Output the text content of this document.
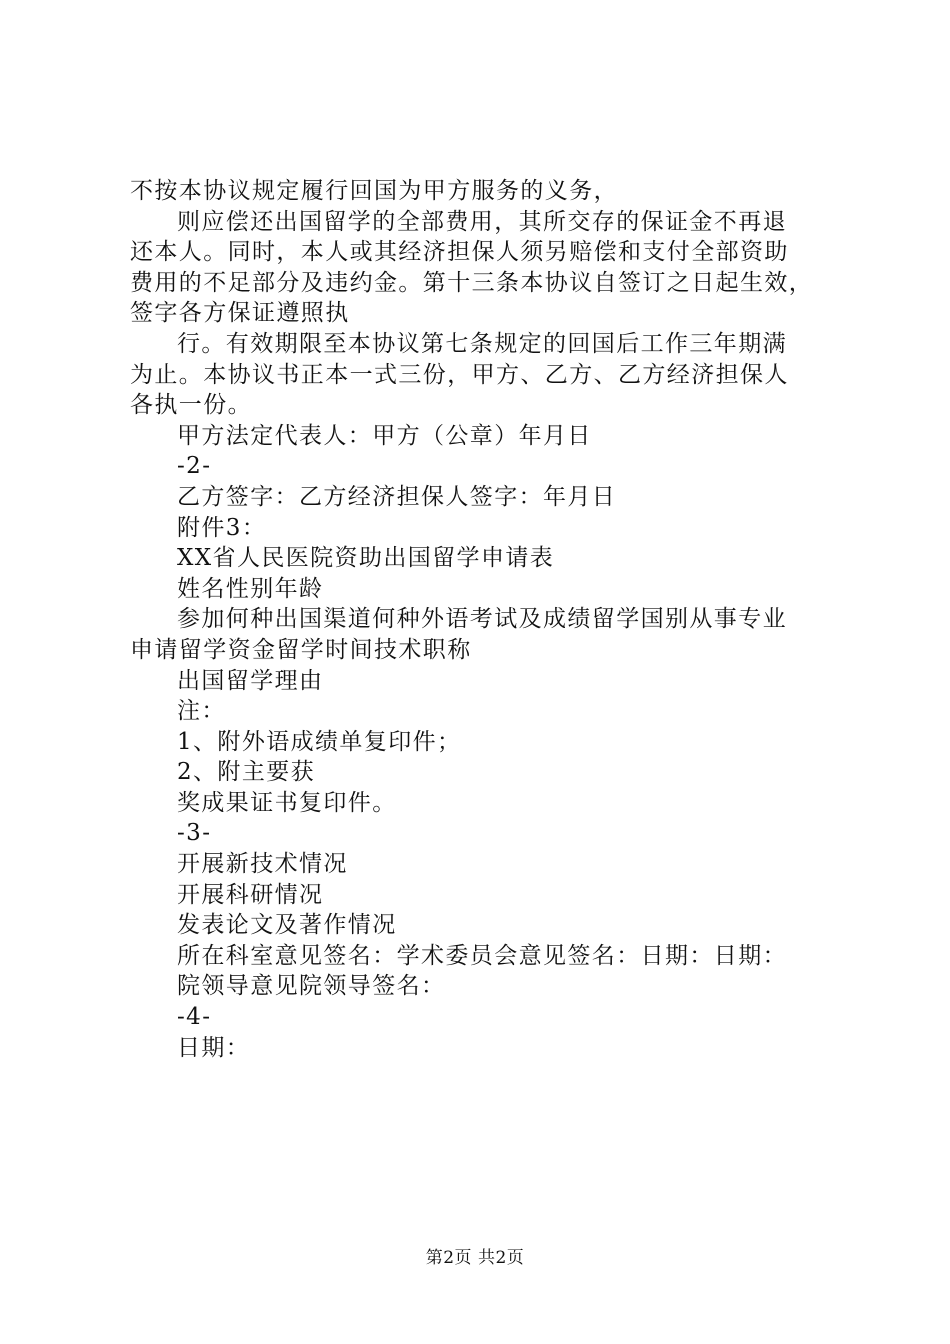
不按本协议规定履行回国为甲方服务的义务，
则应偿还出国留学的全部费用，其所交存的保证金不再退
还本人。同时，本人或其经济担保人须另赔偿和支付全部资助
费用的不足部分及违约金。第十三条本协议自签订之日起生效，
签字各方保证遵照执
行。有效期限至本协议第七条规定的回国后工作三年期满
为止。本协议书正本一式三份，甲方、乙方、乙方经济担保人
各执一份。
甲方法定代表人：甲方（公章）年月日
-2-
乙方签字：乙方经济担保人签字：年月日
附件3：
XX省人民医院资助出国留学申请表
姓名性别年龄
参加何种出国渠道何种外语考试及成绩留学国别从事专业
申请留学资金留学时间技术职称
出国留学理由
注：
1、附外语成绩单复印件；
2、附主要获
奖成果证书复印件。
-3-
开展新技术情况
开展科研情况
发表论文及著作情况
所在科室意见签名：学术委员会意见签名：日期：日期：
院领导意见院领导签名：
-4-
日期：
第2页 共2页
